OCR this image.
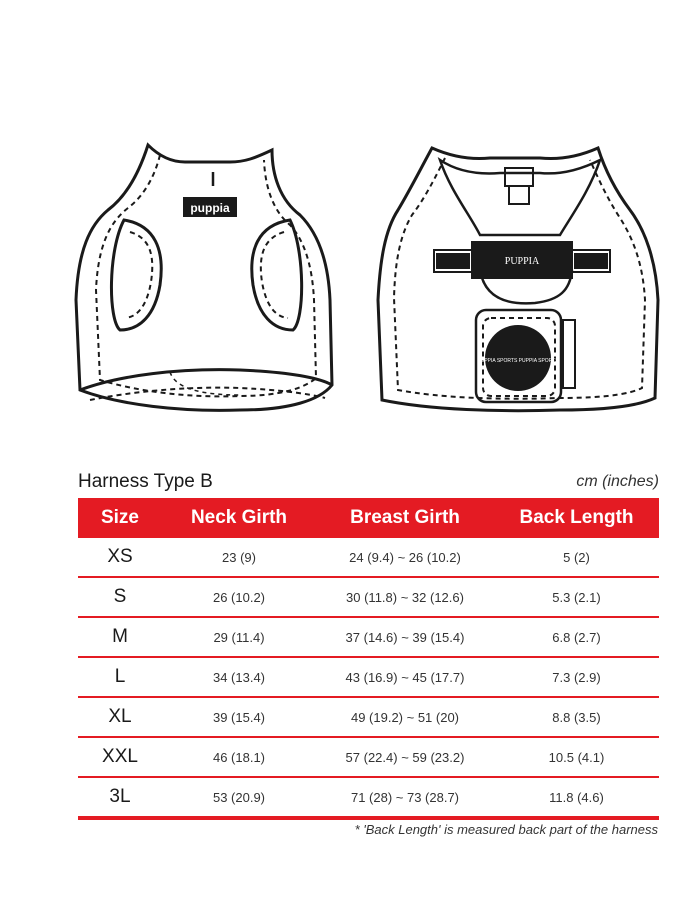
puppia
PUPPIA
PUPPIA SPORTS PUPPIA SPORTS
Harness Type B	cm (inches)
Size	Neck Girth	Breast Girth	Back Length
XS	23 (9)	24 (9.4) ~ 26 (10.2)	5 (2)
S	26 (10.2)	30 (11.8) ~ 32 (12.6)	5.3 (2.1)
M	29 (11.4)	37 (14.6) ~ 39 (15.4)	6.8 (2.7)
L	34 (13.4)	43 (16.9) ~ 45 (17.7)	7.3 (2.9)
XL	39 (15.4)	49 (19.2) ~ 51 (20)	8.8 (3.5)
XXL	46 (18.1)	57 (22.4) ~ 59 (23.2)	10.5 (4.1)
3L	53 (20.9)	71 (28) ~ 73 (28.7)	11.8 (4.6)
* 'Back Length' is measured back part of the harness
